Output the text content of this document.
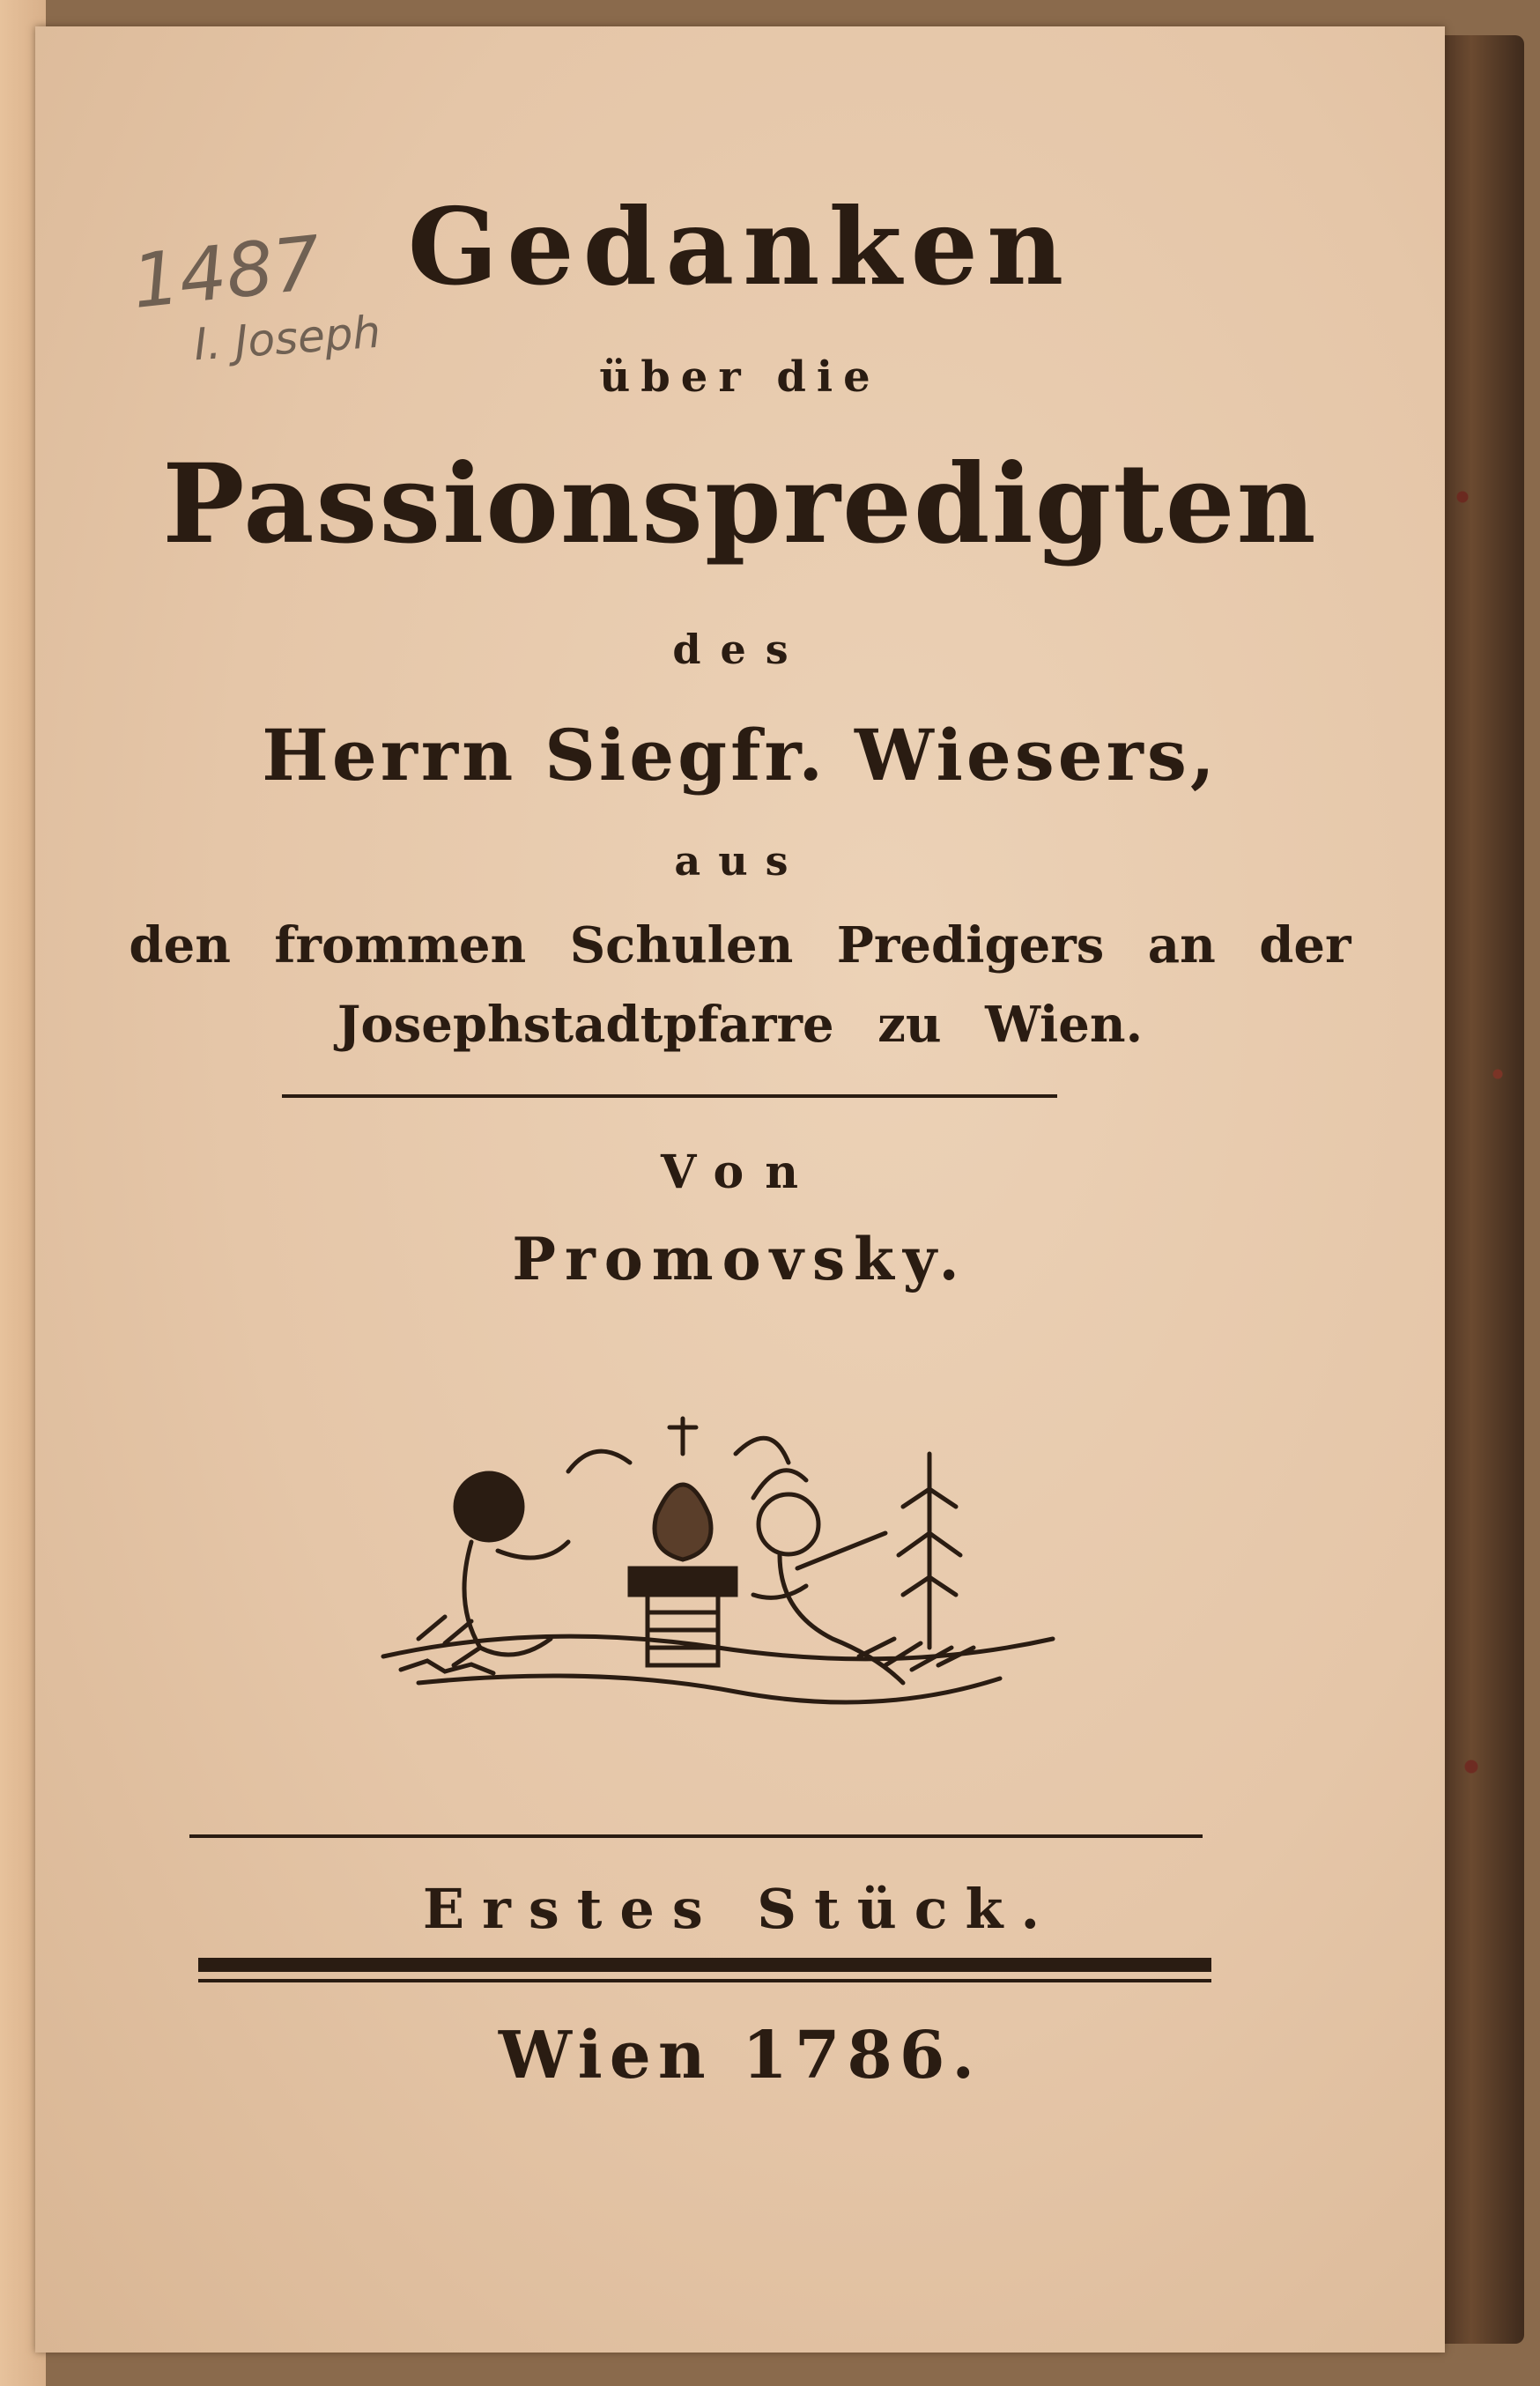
1487
I. Joseph
Gedanken
über die
Passionspredigten
des
Herrn Siegfr. Wiesers,
aus
den frommen Schulen Predigers an der
Josephstadtpfarre zu Wien.
Von
Promovsky.
Erstes Stück.
Wien 1786.
